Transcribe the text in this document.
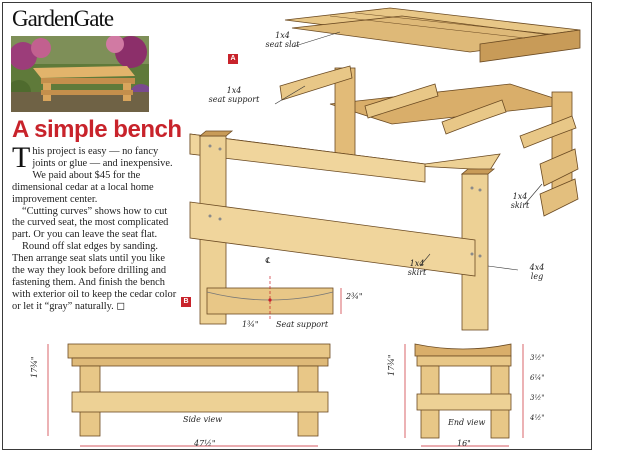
GardenGate
A simple bench

This project is easy — no fancy joints or glue — and inexpensive. We paid about $45 for the dimensional cedar at a local home improvement center.

“Cutting curves” shows how to cut the curved seat, the most complicated part. Or you can leave the seat flat.

Round off slat edges by sanding. Then arrange seat slats until you like the way they look before drilling and fastening them. And finish the bench with exterior oil to keep the cedar color or let it “gray” naturally. ◻

A
1x4
seat slat
1x4
seat support
1x4
skirt
1x4
skirt
4x4
leg
B
℄
2¾"
1¾" Seat support
17¾"
Side view
47½"
17¾"
End view
16"
3½"
6¼"
3½"
4½"
